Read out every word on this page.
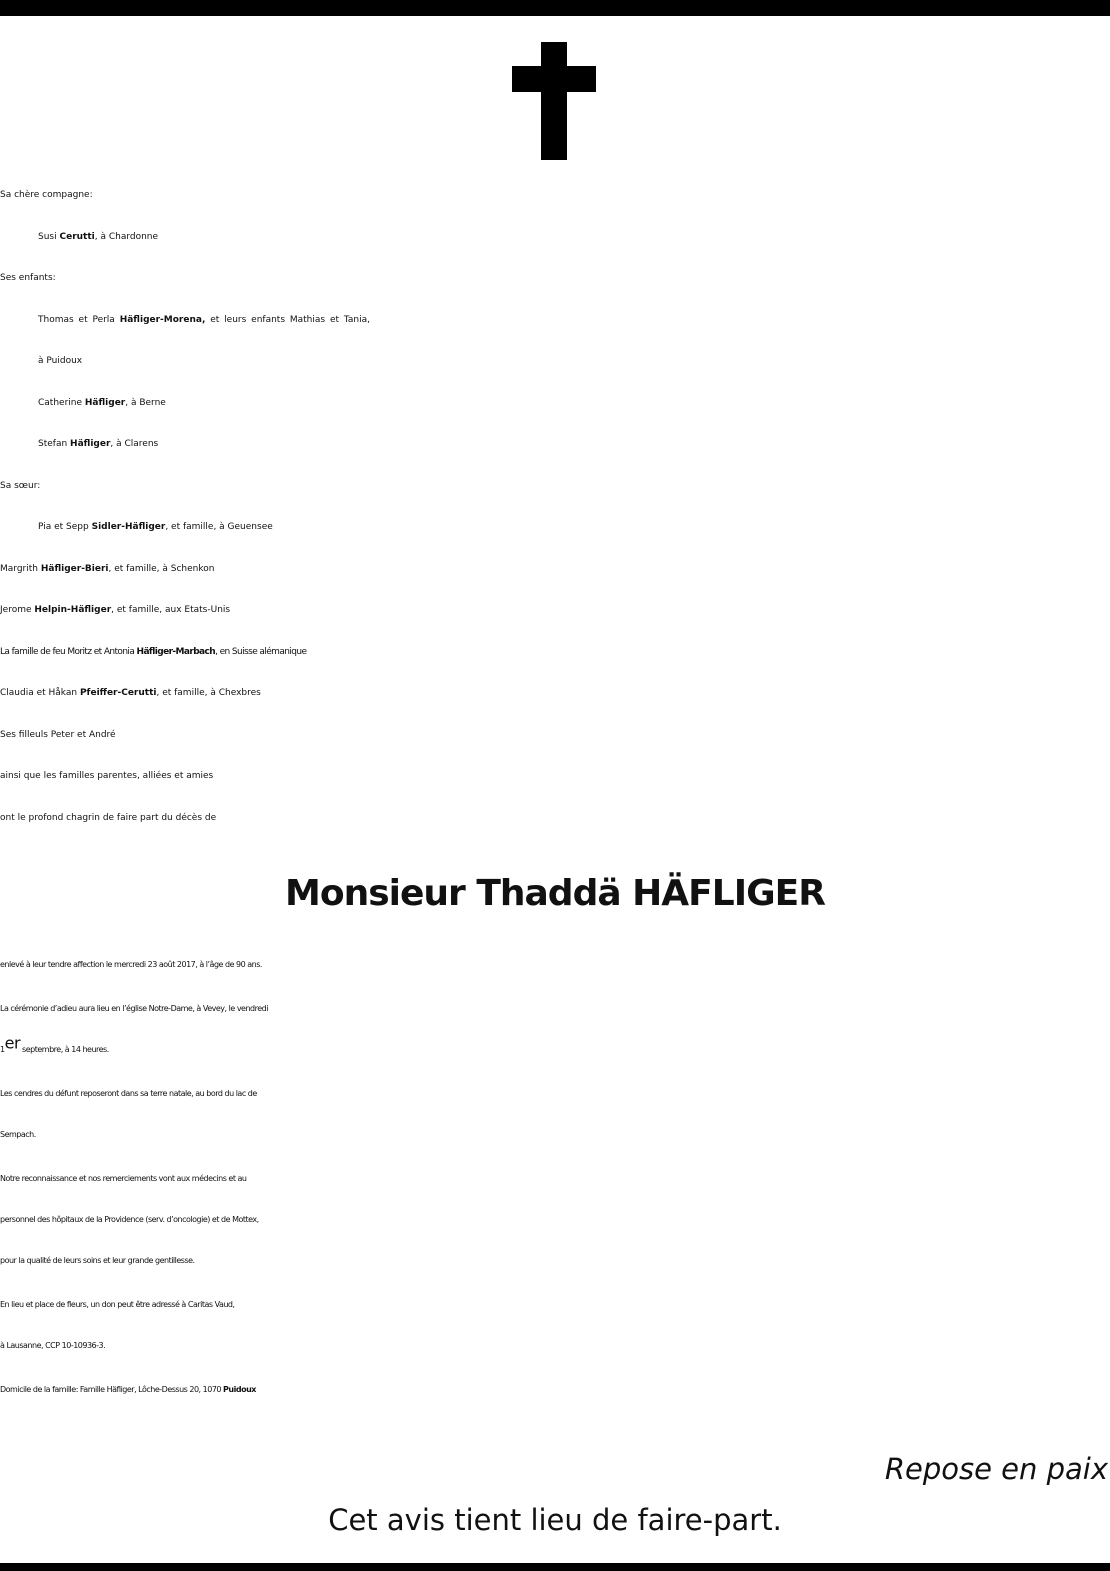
Sa chère compagne:
Susi Cerutti, à Chardonne
Ses enfants:
Thomas et Perla Häfliger-Morena, et leurs enfants Mathias et Tania,
à Puidoux
Catherine Häfliger, à Berne
Stefan Häfliger, à Clarens
Sa sœur:
Pia et Sepp Sidler-Häfliger, et famille, à Geuensee
Margrith Häfliger-Bieri, et famille, à Schenkon
Jerome Helpin-Häfliger, et famille, aux Etats-Unis
La famille de feu Moritz et Antonia Häfliger-Marbach, en Suisse alémanique
Claudia et Håkan Pfeiffer-Cerutti, et famille, à Chexbres
Ses filleuls Peter et André
ainsi que les familles parentes, alliées et amies
ont le profond chagrin de faire part du décès de
Monsieur Thaddä HÄFLIGER
enlevé à leur tendre affection le mercredi 23 août 2017, à l’âge de 90 ans.
La cérémonie d’adieu aura lieu en l’église Notre-Dame, à Vevey, le vendredi
1er septembre, à 14 heures.
Les cendres du défunt reposeront dans sa terre natale, au bord du lac de
Sempach.
Notre reconnaissance et nos remerciements vont aux médecins et au
personnel des hôpitaux de la Providence (serv. d’oncologie) et de Mottex,
pour la qualité de leurs soins et leur grande gentillesse.
En lieu et place de fleurs, un don peut être adressé à Caritas Vaud,
à Lausanne, CCP 10-10936-3.
Domicile de la famille: Famille Häfliger, Lôche-Dessus 20, 1070 Puidoux
Repose en paix
Cet avis tient lieu de faire-part.
